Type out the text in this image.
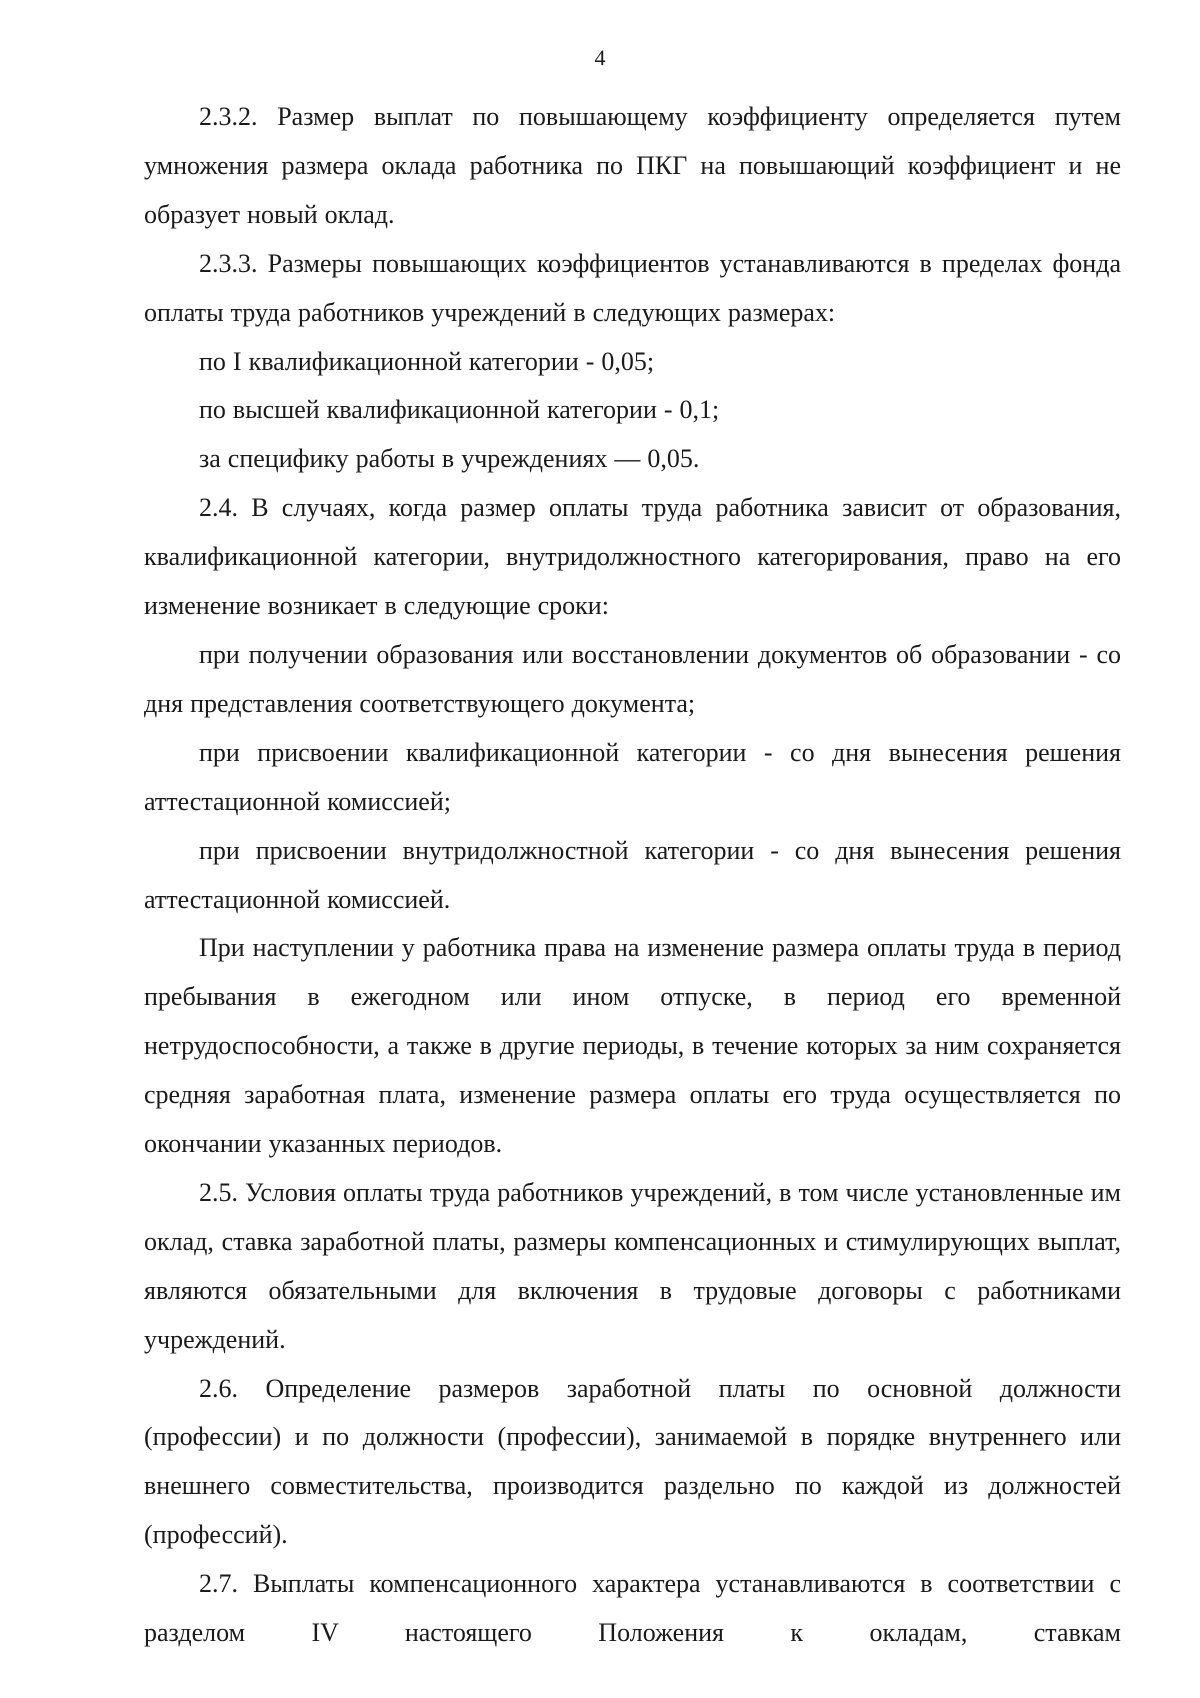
4

2.3.2. Размер выплат по повышающему коэффициенту определяется путем умножения размера оклада работника по ПКГ на повышающий коэффициент и не образует новый оклад.

2.3.3. Размеры повышающих коэффициентов устанавливаются в пределах фонда оплаты труда работников учреждений в следующих размерах:

по I квалификационной категории - 0,05;

по высшей квалификационной категории - 0,1;

за специфику работы в учреждениях — 0,05.

2.4. В случаях, когда размер оплаты труда работника зависит от образования, квалификационной категории, внутридолжностного категорирования, право на его изменение возникает в следующие сроки:

при получении образования или восстановлении документов об образовании - со дня представления соответствующего документа;

при присвоении квалификационной категории - со дня вынесения решения аттестационной комиссией;

при присвоении внутридолжностной категории - со дня вынесения решения аттестационной комиссией.

При наступлении у работника права на изменение размера оплаты труда в период пребывания в ежегодном или ином отпуске, в период его временной нетрудоспособности, а также в другие периоды, в течение которых за ним сохраняется средняя заработная плата, изменение размера оплаты его труда осуществляется по окончании указанных периодов.

2.5. Условия оплаты труда работников учреждений, в том числе установленные им оклад, ставка заработной платы, размеры компенсационных и стимулирующих выплат, являются обязательными для включения в трудовые договоры с работниками учреждений.

2.6. Определение размеров заработной платы по основной должности (профессии) и по должности (профессии), занимаемой в порядке внутреннего или внешнего совместительства, производится раздельно по каждой из должностей (профессий).

2.7. Выплаты компенсационного характера устанавливаются в соответствии с разделом IV настоящего Положения к окладам, ставкам
